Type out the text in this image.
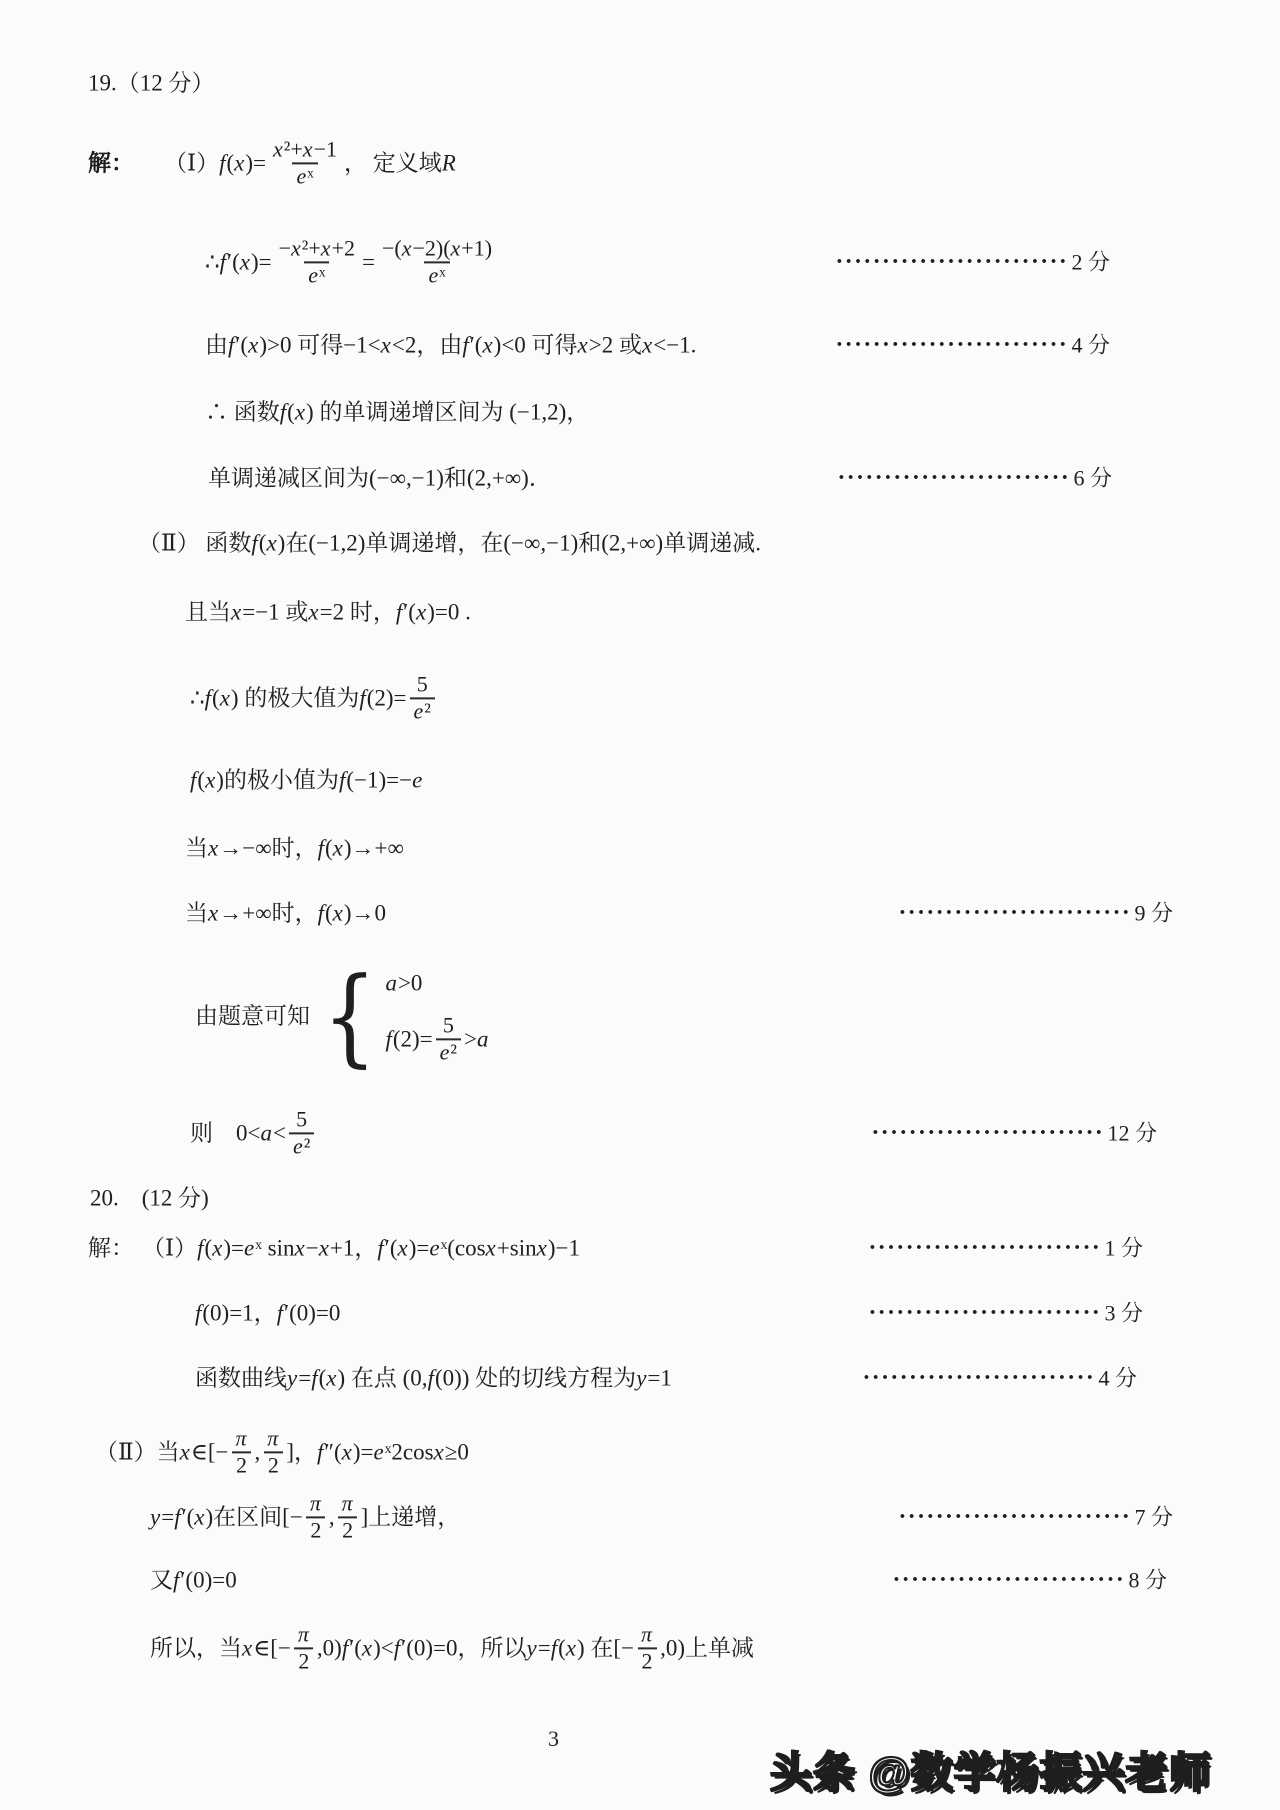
19.（12 分）
解： （Ⅰ） f ( x )= $\frac{\text{x²+x−1}}{\text{eˣ}}$ ， 定义域 R
∴ f ′( x )= $\frac{\text{−x²+x+2}}{\text{eˣ}} = \frac{-(x-2)(x+1)}{\text{eˣ}}$	························· 2 分
由 f ′( x )>0 可得−1< x <2，由 f ′( x )<0 可得 x >2 或 x <−1.	························· 4 分
∴ 函数 f ( x ) 的单调递增区间为 (−1,2)，
单调递减区间为(−∞,−1)和(2,+∞)．	························· 6 分
（Ⅱ） 函数 f ( x )在(−1,2)单调递增，在(−∞,−1)和(2,+∞)单调递减.
且当 x =−1 或 x =2 时， f ′( x )=0 .
∴ f ( x ) 的极大值为 f $(2)= \frac{5}{\text{e²}}$
f ( x )的极小值为 f (−1)=− e
当 x →−∞时， f ( x )→+∞
当 x →+∞时， f ( x )→0	························· 9 分
由题意可知 { a >0
f $(2)= \frac{5}{\text{e²}} > a$
则　$0< a < \frac{5}{\text{e²}}$	························· 12 分
20.　(12 分)
解： （Ⅰ） f ( x )= e ˣ sin x − x +1， f ′( x )= e ˣ(cos x +sin x )−1	························· 1 分
f (0)=1， f ′(0)=0	························· 3 分
函数曲线 y = f ( x ) 在点 (0, f (0)) 处的切线方程为 y =1	························· 4 分
（Ⅱ）当 x ∈[− $\frac{\pi}{2}$ , $\frac{\pi}{2}$ ]， f ″( x )= e ˣ2cos x ≥0
y = f ′( x )在区间[− $\frac{\pi}{2}$ , $\frac{\pi}{2}$ ]上递增，	························· 7 分
又 f ′(0)=0	························· 8 分
所以，当 x ∈[− $\frac{\pi}{2} ,0$) f ′( x )< f ′(0)=0，所以 y = f ( x ) 在[− $\frac{\pi}{2} ,0$)上单减
3
头条 @数学杨振兴老师
